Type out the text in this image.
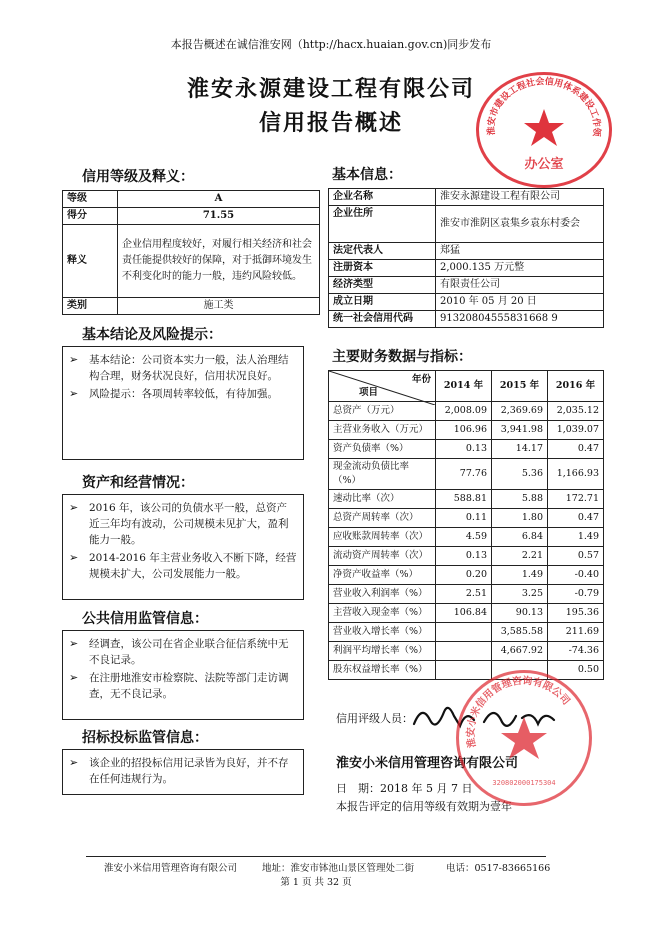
本报告概述在诚信淮安网（http://hacx.huaian.gov.cn)同步发布
淮安永源建设工程有限公司
信用报告概述	淮安市建设工程社会信用体系建设工作领
办公室
信用等级及释义：
等级	A
得分	71.55
释义	企业信用程度较好，对履行相关经济和社会责任能提供较好的保障，对于抵御环境发生不利变化时的能力一般，违约风险较低。
类别	施工类
基本结论及风险提示：
➢ 基本结论：公司资本实力一般，法人治理结构合理，财务状况良好，信用状况良好。
➢ 风险提示：各项周转率较低，有待加强。
资产和经营情况：
➢ 2016 年，该公司的负债水平一般，总资产近三年均有波动，公司规模未见扩大，盈利能力一般。
➢ 2014-2016 年主营业务收入不断下降，经营规模未扩大，公司发展能力一般。
公共信用监管信息：
➢ 经调查，该公司在省企业联合征信系统中无不良记录。
➢ 在注册地淮安市检察院、法院等部门走访调查，无不良记录。
招标投标监管信息：
➢ 该企业的招投标信用记录皆为良好，并不存在任何违规行为。
基本信息：
企业名称	淮安永源建设工程有限公司
企业住所	淮安市淮阴区袁集乡袁东村委会
法定代表人	郑猛
注册资本	2,000.135 万元整
经济类型	有限责任公司
成立日期	2010 年 05 月 20 日
统一社会信用代码	91320804555831668 9
主要财务数据与指标：
年份
项目	2014 年	2015 年	2016 年
总资产（万元）	2,008.09	2,369.69	2,035.12
主营业务收入（万元）	106.96	3,941.98	1,039.07
资产负债率（%）	0.13	14.17	0.47
现金流动负债比率（%）	77.76	5.36	1,166.93
速动比率（次）	588.81	5.88	172.71
总资产周转率（次）	0.11	1.80	0.47
应收账款周转率（次）	4.59	6.84	1.49
流动资产周转率（次）	0.13	2.21	0.57
净资产收益率（%）	0.20	1.49	-0.40
营业收入利润率（%）	2.51	3.25	-0.79
主营收入现金率（%）	106.84	90.13	195.36
营业收入增长率（%）		3,585.58	211.69
利润平均增长率（%）		4,667.92	-74.36
股东权益增长率（%）			0.50
信用评级人员：
淮安小米信用管理咨询有限公司
日　期：2018 年 5 月 7 日
本报告评定的信用等级有效期为壹年
淮安小米信用管理咨询有限公司
320802000175304
淮安小米信用管理咨询有限公司	地址：淮安市钵池山景区管理处二街	电话：0517-83665166
第 1 页 共 32 页
